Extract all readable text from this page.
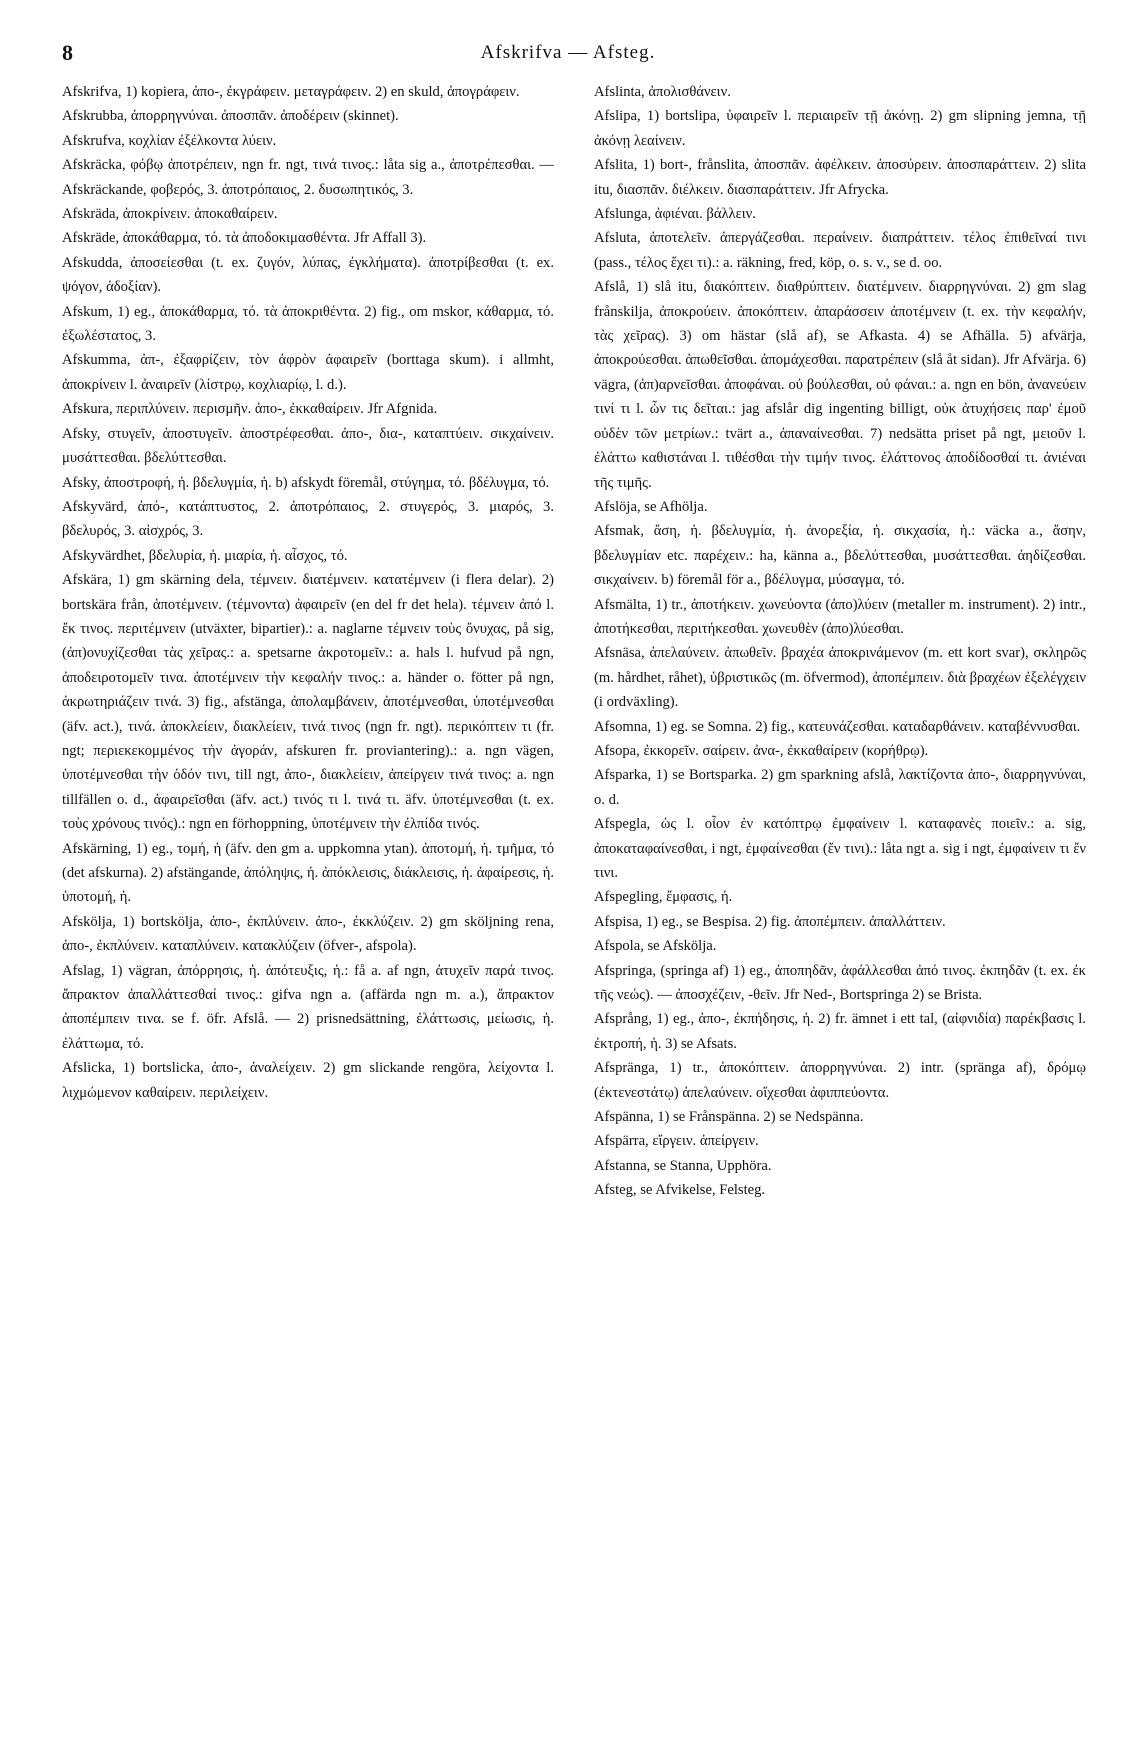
8	Afskrifva — Afsteg.

Afskrifva, 1) kopiera, ἀπο-, ἐκγράφειν. μεταγράφειν. 2) en skuld, ἀπογράφειν.

Afskrubba, ἀπορρηγνύναι. ἀποσπᾶν. ἀποδέρειν (skinnet).

Afskrufva, κοχλίαν ἐξέλκοντα λύειν.

Afskräcka, φόβῳ ἀποτρέπειν, ngn fr. ngt, τινά τινος.: låta sig a., ἀποτρέπεσθαι. — Afskräckande, φοβερός, 3. ἀποτρόπαιος, 2. δυσωπητικός, 3.

Afskräda, ἀποκρίνειν. ἀποκαθαίρειν.

Afskräde, ἀποκάθαρμα, τό. τὰ ἀποδοκιμασθέντα. Jfr Affall 3).

Afskudda, ἀποσείεσθαι (t. ex. ζυγόν, λύπας, ἐγκλήματα). ἀποτρίβεσθαι (t. ex. ψόγον, ἀδοξίαν).

Afskum, 1) eg., ἀποκάθαρμα, τό. τὰ ἀποκριθέντα. 2) fig., om mskor, κάθαρμα, τό. ἐξωλέστατος, 3.

Afskumma, ἀπ-, ἐξαφρίζειν, τὸν ἀφρὸν ἀφαιρεῖν (borttaga skum). i allmht, ἀποκρίνειν l. ἀναιρεῖν (λίστρῳ, κοχλιαρίῳ, l. d.).

Afskura, περιπλύνειν. περισμῆν. ἀπο-, ἐκκαθαίρειν. Jfr Afgnida.

Afsky, στυγεῖν, ἀποστυγεῖν. ἀποστρέφεσθαι. ἀπο-, δια-, καταπτύειν. σικχαίνειν. μυσάττεσθαι. βδελύττεσθαι.

Afsky, ἀποστροφή, ἡ. βδελυγμία, ἡ. b) afskydt föremål, στύγημα, τό. βδέλυγμα, τό.

Afskyvärd, ἀπό-, κατάπτυστος, 2. ἀποτρόπαιος, 2. στυγερός, 3. μιαρός, 3. βδελυρός, 3. αἰσχρός, 3.

Afskyvärdhet, βδελυρία, ἡ. μιαρία, ἡ. αἶσχος, τό.

Afskära, 1) gm skärning dela, τέμνειν. διατέμνειν. κατατέμνειν (i flera delar). 2) bortskära från, ἀποτέμνειν. (τέμνοντα) ἀφαιρεῖν (en del fr det hela). τέμνειν ἀπό l. ἔκ τινος. περιτέμνειν (utväxter, bipartier).: a. naglarne τέμνειν τοὺς ὄνυχας, på sig, (ἀπ)ονυχίζεσθαι τὰς χεῖρας.: a. spetsarne ἀκροτομεῖν.: a. hals l. hufvud på ngn, ἀποδειροτομεῖν τινα. ἀποτέμνειν τὴν κεφαλήν τινος.: a. händer o. fötter på ngn, ἀκρωτηριάζειν τινά. 3) fig., afstänga, ἀπολαμβάνειν, ἀποτέμνεσθαι, ὑποτέμνεσθαι (äfv. act.), τινά. ἀποκλείειν, διακλείειν, τινά τινος (ngn fr. ngt). περικόπτειν τι (fr. ngt; περιεκεκομμένος τὴν ἀγοράν, afskuren fr. proviantering).: a. ngn vägen, ὑποτέμνεσθαι τὴν ὁδόν τινι, till ngt, ἀπο-, διακλείειν, ἀπείργειν τινά τινος: a. ngn tillfällen o. d., ἀφαιρεῖσθαι (äfv. act.) τινός τι l. τινά τι. äfv. ὑποτέμνεσθαι (t. ex. τοὺς χρόνους τινός).: ngn en förhoppning, ὑποτέμνειν τὴν ἐλπίδα τινός.

Afskärning, 1) eg., τομή, ἡ (äfv. den gm a. uppkomna ytan). ἀποτομή, ἡ. τμῆμα, τό (det afskurna). 2) afstängande, ἀπόληψις, ἡ. ἀπόκλεισις, διάκλεισις, ἡ. ἀφαίρεσις, ἡ. ὑποτομή, ἡ.

Afskölja, 1) bortskölja, ἀπο-, ἐκπλύνειν. ἀπο-, ἐκκλύζειν. 2) gm sköljning rena, ἀπο-, ἐκπλύνειν. καταπλύνειν. κατακλύζειν (öfver-, afspola).

Afslag, 1) vägran, ἀπόρρησις, ἡ. ἀπότευξις, ἡ.: få a. af ngn, ἀτυχεῖν παρά τινος. ἄπρακτον ἀπαλλάττεσθαί τινος.: gifva ngn a. (affärda ngn m. a.), ἄπρακτον ἀποπέμπειν τινα. se f. öfr. Afslå. — 2) prisnedsättning, ἐλάττωσις, μείωσις, ἡ. ἐλάττωμα, τό.

Afslicka, 1) bortslicka, ἀπο-, ἀναλείχειν. 2) gm slickande rengöra, λείχοντα l. λιχμώμενον καθαίρειν. περιλείχειν.

Afslinta, ἀπολισθάνειν.

Afslipa, 1) bortslipa, ὑφαιρεῖν l. περιαιρεῖν τῇ ἀκόνῃ. 2) gm slipning jemna, τῇ ἀκόνῃ λεαίνειν.

Afslita, 1) bort-, frånslita, ἀποσπᾶν. ἀφέλκειν. ἀποσύρειν. ἀποσπαράττειν. 2) slita itu, διασπᾶν. διέλκειν. διασπαράττειν. Jfr Afrycka.

Afslunga, ἀφιέναι. βάλλειν.

Afsluta, ἀποτελεῖν. ἀπεργάζεσθαι. περαίνειν. διαπράττειν. τέλος ἐπιθεῖναί τινι (pass., τέλος ἔχει τι).: a. räkning, fred, köp, o. s. v., se d. oo.

Afslå, 1) slå itu, διακόπτειν. διαθρύπτειν. διατέμνειν. διαρρηγνύναι. 2) gm slag frånskilja, ἀποκρούειν. ἀποκόπτειν. ἀπαράσσειν ἀποτέμνειν (t. ex. τὴν κεφαλήν, τὰς χεῖρας). 3) om hästar (slå af), se Afkasta. 4) se Afhälla. 5) afvärja, ἀποκρούεσθαι. ἀπωθεῖσθαι. ἀπομάχεσθαι. παρατρέπειν (slå åt sidan). Jfr Afvärja. 6) vägra, (ἀπ)αρνεῖσθαι. ἀποφάναι. οὐ βούλεσθαι, οὐ φάναι.: a. ngn en bön, ἀνανεύειν τινί τι l. ὧν τις δεῖται.: jag afslår dig ingenting billigt, οὐκ ἀτυχήσεις παρ' ἐμοῦ οὐδὲν τῶν μετρίων.: tvärt a., ἀπαναίνεσθαι. 7) nedsätta priset på ngt, μειοῦν l. ἐλάττω καθιστάναι l. τιθέσθαι τὴν τιμήν τινος. ἐλάττονος ἀποδίδοσθαί τι. ἀνιέναι τῆς τιμῆς.

Afslöja, se Afhölja.

Afsmak, ἄση, ἡ. βδελυγμία, ἡ. ἀνορεξία, ἡ. σικχασία, ἡ.: väcka a., ἄσην, βδελυγμίαν etc. παρέχειν.: ha, känna a., βδελύττεσθαι, μυσάττεσθαι. ἀηδίζεσθαι. σικχαίνειν. b) föremål för a., βδέλυγμα, μύσαγμα, τό.

Afsmälta, 1) tr., ἀποτήκειν. χωνεύοντα (ἀπο)λύειν (metaller m. instrument). 2) intr., ἀποτήκεσθαι, περιτήκεσθαι. χωνευθὲν (ἀπο)λύεσθαι.

Afsnäsa, ἀπελαύνειν. ἀπωθεῖν. βραχέα ἀποκρινάμενον (m. ett kort svar), σκληρῶς (m. hårdhet, råhet), ὑβριστικῶς (m. öfvermod), ἀποπέμπειν. διὰ βραχέων ἐξελέγχειν (i ordväxling).

Afsomna, 1) eg. se Somna. 2) fig., κατευνάζεσθαι. καταδαρθάνειν. καταβέννυσθαι.

Afsopa, ἐκκορεῖν. σαίρειν. ἀνα-, ἐκκαθαίρειν (κορήθρῳ).

Afsparka, 1) se Bortsparka. 2) gm sparkning afslå, λακτίζοντα ἀπο-, διαρρηγνύναι, o. d.

Afspegla, ὡς l. οἷον ἐν κατόπτρῳ ἐμφαίνειν l. καταφανὲς ποιεῖν.: a. sig, ἀποκαταφαίνεσθαι, i ngt, ἐμφαίνεσθαι (ἔν τινι).: låta ngt a. sig i ngt, ἐμφαίνειν τι ἔν τινι.

Afspegling, ἔμφασις, ἡ.

Afspisa, 1) eg., se Bespisa. 2) fig. ἀποπέμπειν. ἀπαλλάττειν.

Afspola, se Afskölja.

Afspringa, (springa af) 1) eg., ἀποπηδᾶν, ἀφάλλεσθαι ἀπό τινος. ἐκπηδᾶν (t. ex. ἐκ τῆς νεώς). — ἀποσχέζειν, -θεῖν. Jfr Ned-, Bortspringa 2) se Brista.

Afsprång, 1) eg., ἀπο-, ἐκπήδησις, ἡ. 2) fr. ämnet i ett tal, (αἰφνιδία) παρέκβασις l. ἐκτροπή, ἡ. 3) se Afsats.

Afspränga, 1) tr., ἀποκόπτειν. ἀπορρηγνύναι. 2) intr. (spränga af), δρόμῳ (ἐκτενεστάτῳ) ἀπελαύνειν. οἴχεσθαι ἀφιππεύοντα.

Afspänna, 1) se Frånspänna. 2) se Nedspänna.

Afspärra, εἴργειν. ἀπείργειν.

Afstanna, se Stanna, Upphöra.

Afsteg, se Afvikelse, Felsteg.
